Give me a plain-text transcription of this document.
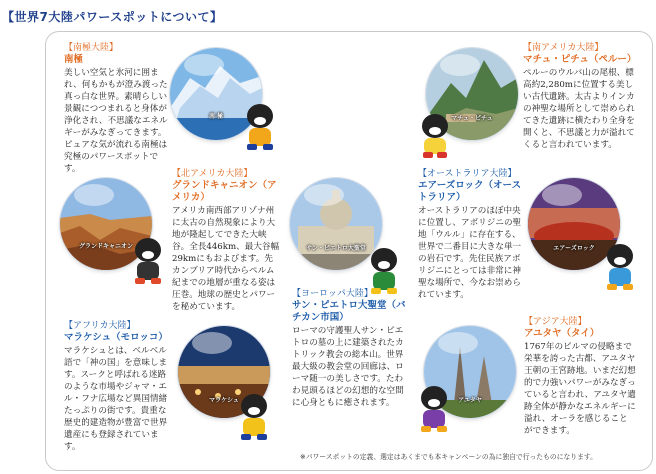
【世界7大陸パワースポットについて】
【南極大陸】
南極
美しい空気と氷河に囲まれ、何もかもが澄み渡った真っ白な世界。素晴らしい景観につつまれると身体が浄化され、不思議なエネルギーがみなぎってきます。ピュアな気が流れる南極は究極のパワースポットです。
南 極	マチュ・ピチュ
【南アメリカ大陸】
マチュ・ピチュ（ペルー）
ペルーのウルバ山の尾根、標高約2,280mに位置する美しい古代遺跡。太古よりインカの神聖な場所として崇められてきた遺跡に横たわり全身を開くと、不思議と力が溢れてくると言われています。
グランドキャニオン
【北アメリカ大陸】
グランドキャニオン（アメリカ）
アメリカ南西部アリゾナ州に太古の自然現象により大地が隆起してできた大峡谷。全長446km、最大谷幅29kmにもおよびます。先カンブリア時代からペルム紀までの地層が重なる姿は圧巻。地球の歴史とパワーを秘めています。
サン・ピエトロ大聖堂
【オーストラリア大陸】
エアーズロック（オーストラリア）
オーストラリアのほぼ中央に位置し、アボリジニの聖地「ウルル」に存在する、世界で二番目に大きな単一の岩石です。先住民族アボリジニにとっては非常に神聖な場所で、今なお崇められています。
エアーズロック
【ヨーロッパ大陸】
サン・ピエトロ大聖堂（バチカン市国）
ローマの守護聖人サン・ピエトロの墓の上に建築されたカトリック教会の総本山。世界最大級の教会堂の回廊は、ローマ随一の美しさです。たわわ見頭るほどの幻想的な空間に心身ともに癒されます。
【アフリカ大陸】
マラケシュ（モロッコ）
マラケシュとは、ベルベル語で「神の国」を意味します。スークと呼ばれる迷路のような市場やジャマ・エル・フナ広場など異国情緒たっぷりの街です。貴重な歴史的建造物が豊富で世界遺産にも登録されています。
マラケシュ	アユタヤ
【アジア大陸】
アユタヤ（タイ）
1767年のビルマの侵略まで栄華を誇った古都、アユタヤ王朝の王宮跡地。いまだ幻想的で力強いパワーがみなぎっていると言われ、アユタヤ遺跡全体が静かなエネルギーに溢れ、オーラを感じることができます。
※パワースポットの定義、選定はあくまでも本キャンペーンの為に独自で行ったものになります。
